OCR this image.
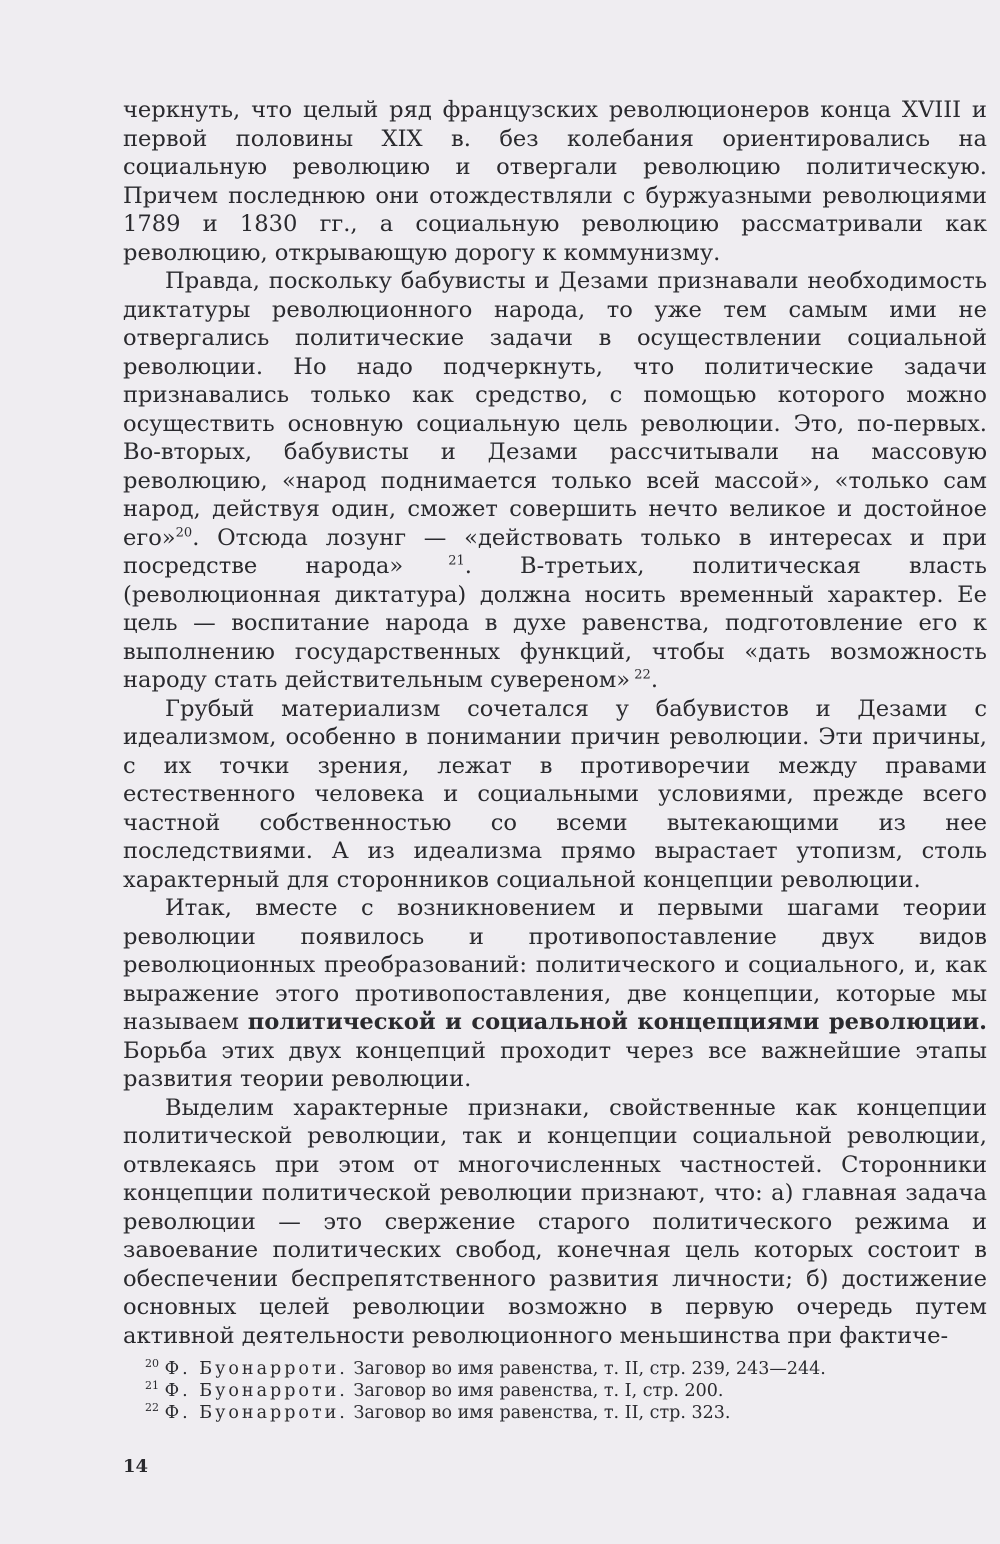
черкнуть, что целый ряд французских революционеров конца XVIII и первой половины XIX в. без колебания ориентировались на социальную революцию и отвергали революцию политическую. Причем последнюю они отождествляли с буржуазными революциями 1789 и 1830 гг., а социальную революцию рассматривали как революцию, открывающую дорогу к коммунизму.

Правда, поскольку бабувисты и Дезами признавали необходимость диктатуры революционного народа, то уже тем самым ими не отвергались политические задачи в осуществлении социальной революции. Но надо подчеркнуть, что политические задачи признавались только как средство, с помощью которого можно осуществить основную социальную цель революции. Это, по-первых. Во-вторых, бабувисты и Дезами рассчитывали на массовую революцию, «народ поднимается только всей массой», «только сам народ, действуя один, сможет совершить нечто великое и достойное его»$^{20}$. Отсюда лозунг — «действовать только в интересах и при посредстве народа» $^{21}$. В-третьих, политическая власть (революционная диктатура) должна носить временный характер. Ее цель — воспитание народа в духе равенства, подготовление его к выполнению государственных функций, чтобы «дать возможность народу стать действительным сувереном» $^{22}$.

Грубый материализм сочетался у бабувистов и Дезами с идеализмом, особенно в понимании причин революции. Эти причины, с их точки зрения, лежат в противоречии между правами естественного человека и социальными условиями, прежде всего частной собственностью со всеми вытекающими из нее последствиями. А из идеализма прямо вырастает утопизм, столь характерный для сторонников социальной концепции революции.

Итак, вместе с возникновением и первыми шагами теории революции появилось и противопоставление двух видов революционных преобразований: политического и социального, и, как выражение этого противопоставления, две концепции, которые мы называем политической и социальной концепциями революции. Борьба этих двух концепций проходит через все важнейшие этапы развития теории революции.

Выделим характерные признаки, свойственные как концепции политической революции, так и концепции социальной революции, отвлекаясь при этом от многочисленных частностей. Сторонники концепции политической революции признают, что: а) главная задача революции — это свержение старого политического режима и завоевание политических свобод, конечная цель которых состоит в обеспечении беспрепятственного развития личности; б) достижение основных целей революции возможно в первую очередь путем активной деятельности революционного меньшинства при фактиче-

$^{20}$ Ф. Буонарроти. Заговор во имя равенства, т. II, стр. 239, 243—244.

$^{21}$ Ф. Буонарроти. Заговор во имя равенства, т. I, стр. 200.

$^{22}$ Ф. Буонарроти. Заговор во имя равенства, т. II, стр. 323.

14
